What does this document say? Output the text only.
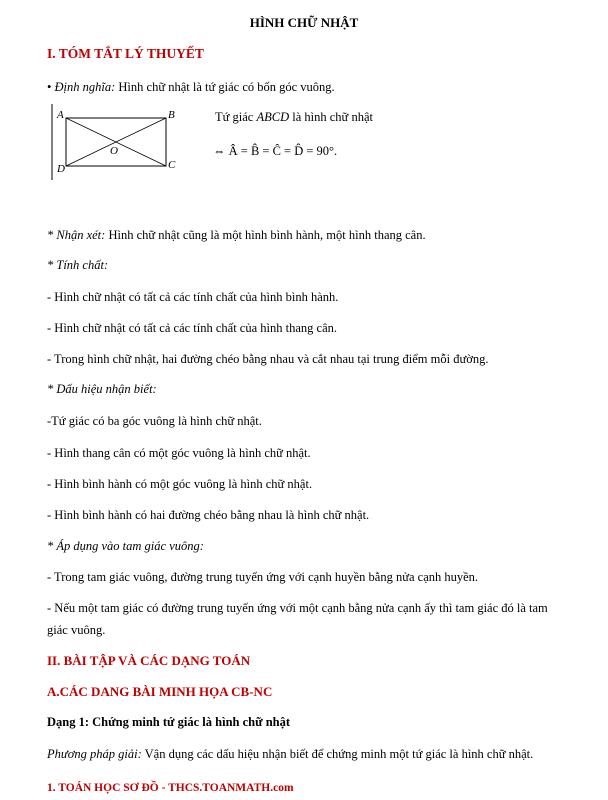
HÌNH CHỮ NHẬT
I. TÓM TẮT LÝ THUYẾT
• Định nghĩa: Hình chữ nhật là tứ giác có bốn góc vuông.
A	B
C
D
O
Tứ giác ABCD là hình chữ nhật
⇔ Â = B̂ = Ĉ = D̂ = 90°.
* Nhận xét: Hình chữ nhật cũng là một hình bình hành, một hình thang cân.
* Tính chất:
- Hình chữ nhật có tất cả các tính chất của hình bình hành.
- Hình chữ nhật có tất cả các tính chất của hình thang cân.
- Trong hình chữ nhật, hai đường chéo bằng nhau và cắt nhau tại trung điểm mỗi đường.
* Dấu hiệu nhận biết:
-Tứ giác có ba góc vuông là hình chữ nhật.
- Hình thang cân có một góc vuông là hình chữ nhật.
- Hình bình hành có một góc vuông là hình chữ nhật.
- Hình bình hành có hai đường chéo bằng nhau là hình chữ nhật.
* Áp dụng vào tam giác vuông:
- Trong tam giác vuông, đường trung tuyến ứng với cạnh huyền bằng nửa cạnh huyền.
- Nếu một tam giác có đường trung tuyến ứng với một cạnh bằng nửa cạnh ấy thì tam giác đó là tam
giác vuông.
II. BÀI TẬP VÀ CÁC DẠNG TOÁN
A.CÁC DANG BÀI MINH HỌA CB-NC
Dạng 1: Chứng minh tứ giác là hình chữ nhật
Phương pháp giải: Vận dụng các dấu hiệu nhận biết để chứng minh một tứ giác là hình chữ nhật.
1. TOÁN HỌC SƠ ĐỒ - THCS.TOANMATH.com
